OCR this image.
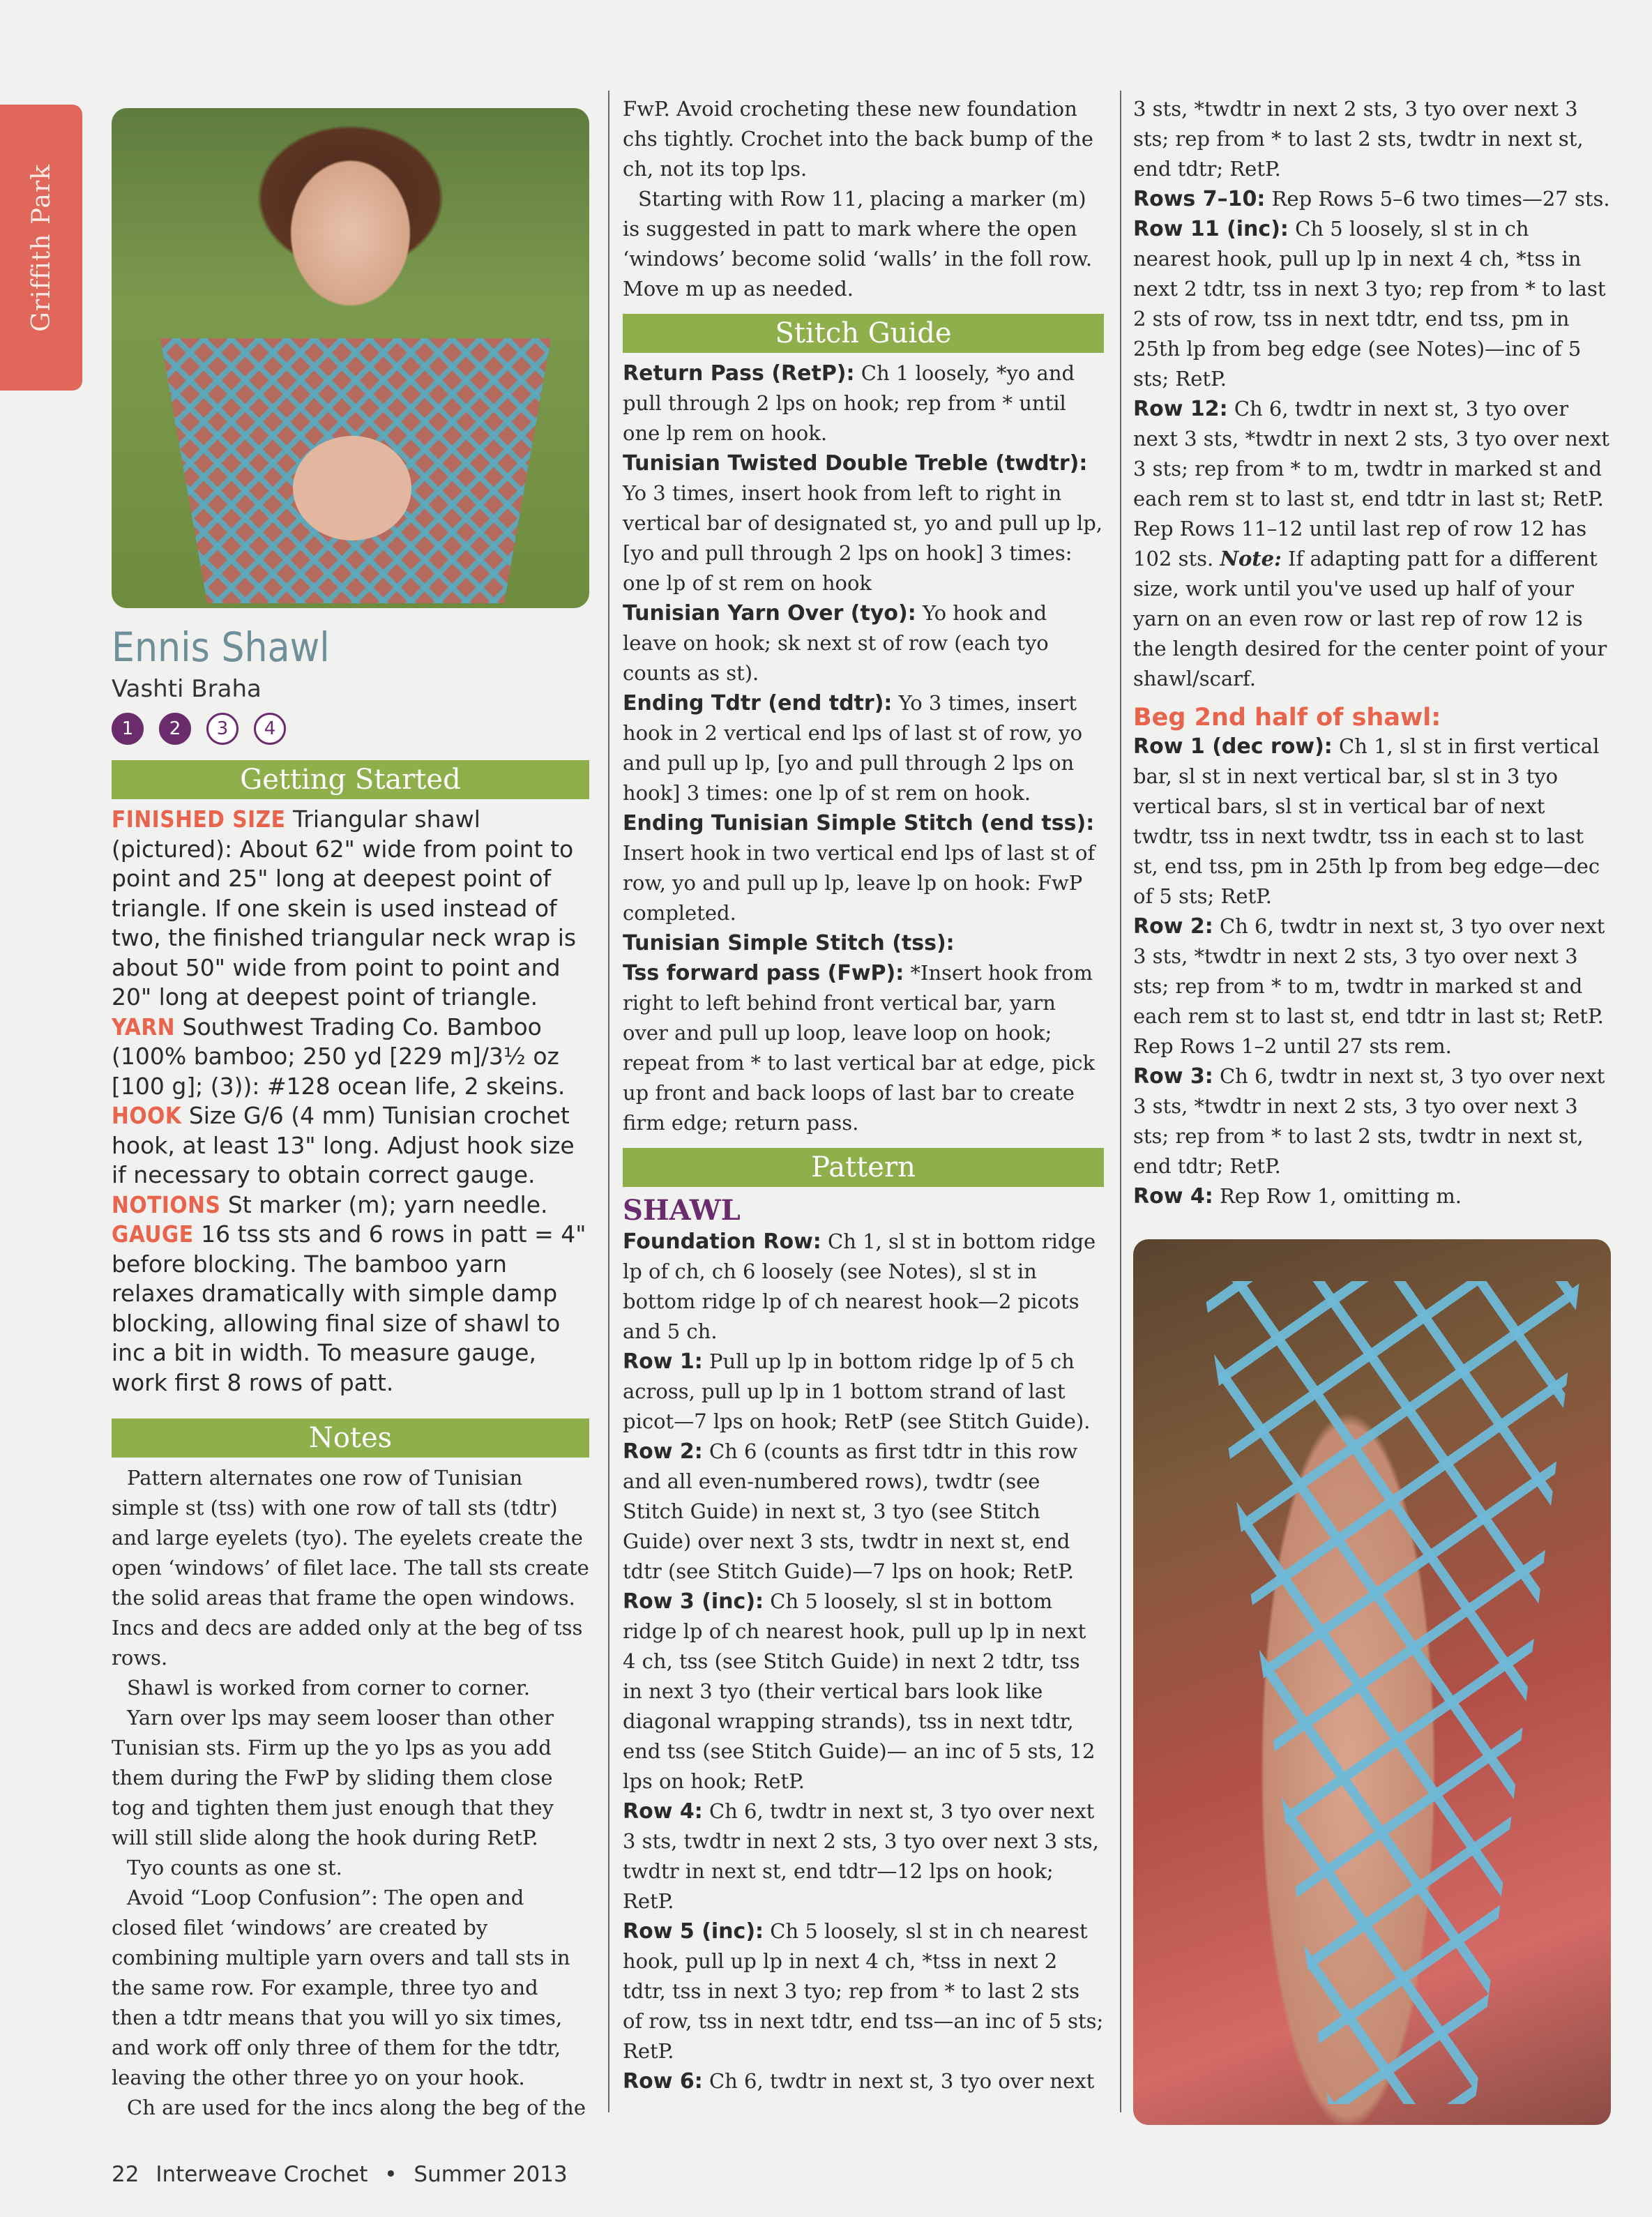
Griffith Park
Ennis Shawl
Vashti Braha
1	2	3	4
Getting Started

FINISHED SIZE Triangular shawl (pictured): About 62" wide from point to point and 25" long at deepest point of triangle. If one skein is used instead of two, the finished triangular neck wrap is about 50" wide from point to point and 20" long at deepest point of triangle.

YARN Southwest Trading Co. Bamboo (100% bamboo; 250 yd [229 m]/3½ oz [100 g]; (3)): #128 ocean life, 2 skeins.

HOOK Size G/6 (4 mm) Tunisian crochet hook, at least 13" long. Adjust hook size if necessary to obtain correct gauge.

NOTIONS St marker (m); yarn needle.

GAUGE 16 tss sts and 6 rows in patt = 4" before blocking. The bamboo yarn relaxes dramatically with simple damp blocking, allowing final size of shawl to inc a bit in width. To measure gauge, work first 8 rows of patt.

Notes

Pattern alternates one row of Tunisian simple st (tss) with one row of tall sts (tdtr) and large eyelets (tyo). The eyelets create the open ‘windows’ of filet lace. The tall sts create the solid areas that frame the open windows. Incs and decs are added only at the beg of tss rows.

Shawl is worked from corner to corner.

Yarn over lps may seem looser than other Tunisian sts. Firm up the yo lps as you add them during the FwP by sliding them close tog and tighten them just enough that they will still slide along the hook during RetP.

Tyo counts as one st.

Avoid “Loop Confusion”: The open and closed filet ‘windows’ are created by combining multiple yarn overs and tall sts in the same row. For example, three tyo and then a tdtr means that you will yo six times, and work off only three of them for the tdtr, leaving the other three yo on your hook.

Ch are used for the incs along the beg of the

FwP. Avoid crocheting these new foundation chs tightly. Crochet into the back bump of the ch, not its top lps.

Starting with Row 11, placing a marker (m) is suggested in patt to mark where the open ‘windows’ become solid ‘walls’ in the foll row. Move m up as needed.

Stitch Guide

Return Pass (RetP): Ch 1 loosely, *yo and pull through 2 lps on hook; rep from * until one lp rem on hook.

Tunisian Twisted Double Treble (twdtr): Yo 3 times, insert hook from left to right in vertical bar of designated st, yo and pull up lp, [yo and pull through 2 lps on hook] 3 times: one lp of st rem on hook

Tunisian Yarn Over (tyo): Yo hook and leave on hook; sk next st of row (each tyo counts as st).

Ending Tdtr (end tdtr): Yo 3 times, insert hook in 2 vertical end lps of last st of row, yo and pull up lp, [yo and pull through 2 lps on hook] 3 times: one lp of st rem on hook.

Ending Tunisian Simple Stitch (end tss): Insert hook in two vertical end lps of last st of row, yo and pull up lp, leave lp on hook: FwP completed.

Tunisian Simple Stitch (tss):

Tss forward pass (FwP): *Insert hook from right to left behind front vertical bar, yarn over and pull up loop, leave loop on hook; repeat from * to last vertical bar at edge, pick up front and back loops of last bar to create firm edge; return pass.

Pattern
SHAWL

Foundation Row: Ch 1, sl st in bottom ridge lp of ch, ch 6 loosely (see Notes), sl st in bottom ridge lp of ch nearest hook—2 picots and 5 ch.

Row 1: Pull up lp in bottom ridge lp of 5 ch across, pull up lp in 1 bottom strand of last picot—7 lps on hook; RetP (see Stitch Guide).

Row 2: Ch 6 (counts as first tdtr in this row and all even-numbered rows), twdtr (see Stitch Guide) in next st, 3 tyo (see Stitch Guide) over next 3 sts, twdtr in next st, end tdtr (see Stitch Guide)—7 lps on hook; RetP.

Row 3 (inc): Ch 5 loosely, sl st in bottom ridge lp of ch nearest hook, pull up lp in next 4 ch, tss (see Stitch Guide) in next 2 tdtr, tss in next 3 tyo (their vertical bars look like diagonal wrapping strands), tss in next tdtr, end tss (see Stitch Guide)— an inc of 5 sts, 12 lps on hook; RetP.

Row 4: Ch 6, twdtr in next st, 3 tyo over next 3 sts, twdtr in next 2 sts, 3 tyo over next 3 sts, twdtr in next st, end tdtr—12 lps on hook; RetP.

Row 5 (inc): Ch 5 loosely, sl st in ch nearest hook, pull up lp in next 4 ch, *tss in next 2 tdtr, tss in next 3 tyo; rep from * to last 2 sts of row, tss in next tdtr, end tss—an inc of 5 sts; RetP.

Row 6: Ch 6, twdtr in next st, 3 tyo over next

3 sts, *twdtr in next 2 sts, 3 tyo over next 3 sts; rep from * to last 2 sts, twdtr in next st, end tdtr; RetP.

Rows 7–10: Rep Rows 5–6 two times—27 sts.

Row 11 (inc): Ch 5 loosely, sl st in ch nearest hook, pull up lp in next 4 ch, *tss in next 2 tdtr, tss in next 3 tyo; rep from * to last 2 sts of row, tss in next tdtr, end tss, pm in 25th lp from beg edge (see Notes)—inc of 5 sts; RetP.

Row 12: Ch 6, twdtr in next st, 3 tyo over next 3 sts, *twdtr in next 2 sts, 3 tyo over next 3 sts; rep from * to m, twdtr in marked st and each rem st to last st, end tdtr in last st; RetP. Rep Rows 11–12 until last rep of row 12 has 102 sts. Note: If adapting patt for a different size, work until you've used up half of your yarn on an even row or last rep of row 12 is the length desired for the center point of your shawl/scarf.

Beg 2nd half of shawl:

Row 1 (dec row): Ch 1, sl st in first vertical bar, sl st in next vertical bar, sl st in 3 tyo vertical bars, sl st in vertical bar of next twdtr, tss in next twdtr, tss in each st to last st, end tss, pm in 25th lp from beg edge—dec of 5 sts; RetP.

Row 2: Ch 6, twdtr in next st, 3 tyo over next 3 sts, *twdtr in next 2 sts, 3 tyo over next 3 sts; rep from * to m, twdtr in marked st and each rem st to last st, end tdtr in last st; RetP. Rep Rows 1–2 until 27 sts rem.

Row 3: Ch 6, twdtr in next st, 3 tyo over next 3 sts, *twdtr in next 2 sts, 3 tyo over next 3 sts; rep from * to last 2 sts, twdtr in next st, end tdtr; RetP.

Row 4: Rep Row 1, omitting m.

22 Interweave Crochet • Summer 2013
